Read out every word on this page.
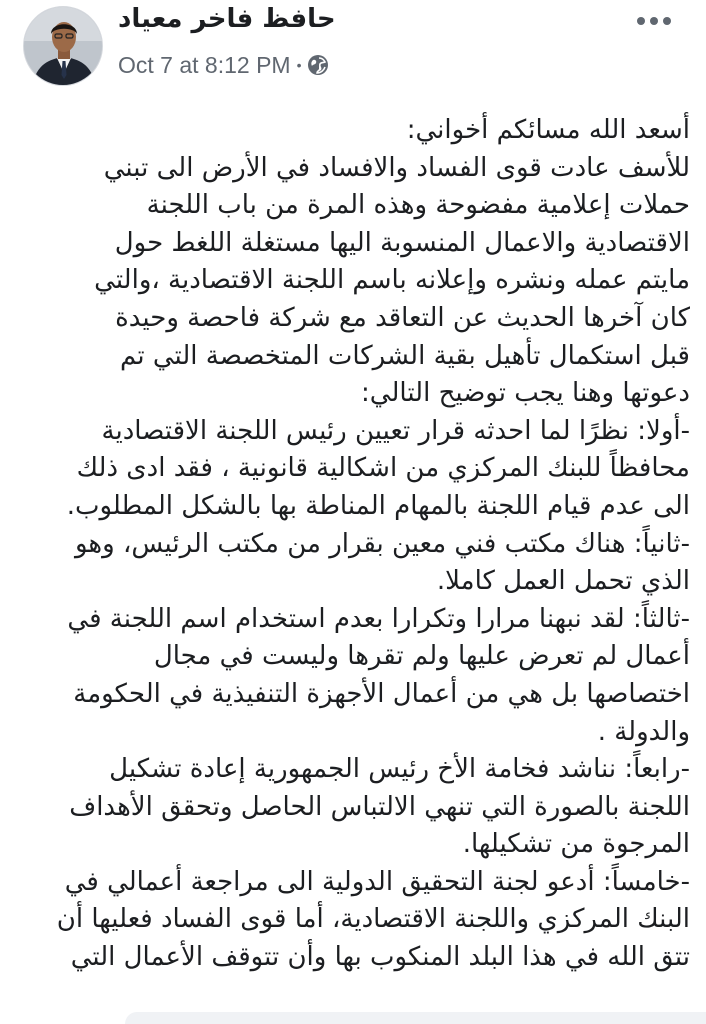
حافظ فاخر معياد
Oct 7 at 8:12 PM •

أسعد الله مسائكم أخواني:

للأسف عادت قوى الفساد والافساد في الأرض الى تبني

حملات إعلامية مفضوحة وهذه المرة من باب اللجنة

الاقتصادية والاعمال المنسوبة اليها مستغلة اللغط حول

مايتم عمله ونشره وإعلانه باسم اللجنة الاقتصادية ،والتي

كان آخرها الحديث عن التعاقد مع شركة فاحصة وحيدة

قبل استكمال تأهيل بقية الشركات المتخصصة التي تم

دعوتها وهنا يجب توضيح التالي:

-أولا: نظرًا لما احدثه قرار تعيين رئيس اللجنة الاقتصادية

محافظاً للبنك المركزي من اشكالية قانونية ، فقد ادى ذلك

الى عدم قيام اللجنة بالمهام المناطة بها بالشكل المطلوب.

-ثانياً: هناك مكتب فني معين بقرار من مكتب الرئيس، وهو

الذي تحمل العمل كاملا.

-ثالثاً: لقد نبهنا مرارا وتكرارا بعدم استخدام اسم اللجنة في

أعمال لم تعرض عليها ولم تقرها وليست في مجال

اختصاصها بل هي من أعمال الأجهزة التنفيذية في الحكومة

والدولة .

-رابعاً: نناشد فخامة الأخ رئيس الجمهورية إعادة تشكيل

اللجنة بالصورة التي تنهي الالتباس الحاصل وتحقق الأهداف

المرجوة من تشكيلها.

-خامساً: أدعو لجنة التحقيق الدولية الى مراجعة أعمالي في

البنك المركزي واللجنة الاقتصادية، أما قوى الفساد فعليها أن

تتق الله في هذا البلد المنكوب بها وأن تتوقف الأعمال التي
